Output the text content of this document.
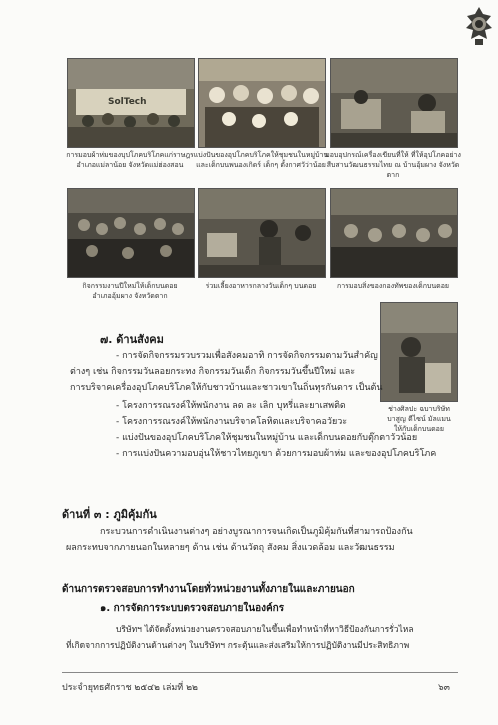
SolTech
การมอบผ้าห่มของบุปโภคบริโภคแก่ราษฎร
อำเภอแม่ลาน้อย จังหวัดแม่ฮ่องสอน
แบ่งปันของอุปโภคบริโภคให้ชุมชนในหมู่บ้าน
และเด็กบนพนองเกิดร์ เด็กๆ ตั้งกาศวัว่าน้อย
มอบอุปกรณ์เครื่องเขียนที่ให้ ที่ให้อุปโภคอย่าง
สืบสานวัฒนธรรมไทย ณ บ้านอุ้มผาง จังหวัดตาก
กิจกรรมงานปีใหม่ให้เด็กบนดอย
อำเภออุ้มผาง จังหวัดตาก
ร่วมเลี้ยงอาหารกลางวันเด็กๆ บนดอย	การมอบสิ่งของกองทัพของเด็กบนดอย
ช่างศิลปะ ฉบาบริษัท
บาสูญ ดีไซน์ มัลแมน
ให้กับเด็กบนดอย
๗. ด้านสังคม
- การจัดกิจกรรมรวบรวมเพื่อสังคมอาทิ การจัดกิจกรรมตามวันสำคัญ
ต่างๆ เช่น กิจกรรมวันลอยกระทง กิจกรรมวันเด็ก กิจกรรมวันขึ้นปีใหม่ และ
การบริจาคเครื่องอุปโภคบริโภคให้กับชาวบ้านและชาวเขาในถิ่นทุรกันดาร เป็นต้น
- โครงการรณรงค์ให้พนักงาน ลด ละ เลิก บุหรี่และยาเสพติด
- โครงการรณรงค์ให้พนักงานบริจาคโลหิตและบริจาคอวัยวะ
- แบ่งปันของอุปโภคบริโภคให้ชุมชนในหมู่บ้าน และเด็กบนดอยกับตุ๊กตาวัวน้อย
- การแบ่งปันความอบอุ่นให้ชาวไทยภูเขา ด้วยการมอบผ้าห่ม และของอุปโภคบริโภค
ด้านที่ ๓ : ภูมิคุ้มกัน
กระบวนการดำเนินงานต่างๆ อย่างบูรณาการจนเกิดเป็นภูมิคุ้มกันที่สามารถป้องกัน
ผลกระทบจากภายนอกในหลายๆ ด้าน เช่น ด้านวัตถุ สังคม สิ่งแวดล้อม และวัฒนธรรม
ด้านการตรวจสอบการทำงานโดยทั่วหน่วยงานทั้งภายในและภายนอก
๑. การจัดการระบบตรวจสอบภายในองค์กร
บริษัทฯ ได้จัดตั้งหน่วยงานตรวจสอบภายในขึ้นเพื่อทำหน้าที่หาวิธีป้องกันการรั่วไหล
ที่เกิดจากการปฏิบัติงานด้านต่างๆ ในบริษัทฯ กระตุ้นและส่งเสริมให้การปฏิบัติงานมีประสิทธิภาพ
ประจำยุทธศักราช ๒๕๔๒ เล่มที่ ๒๒	๖๓
